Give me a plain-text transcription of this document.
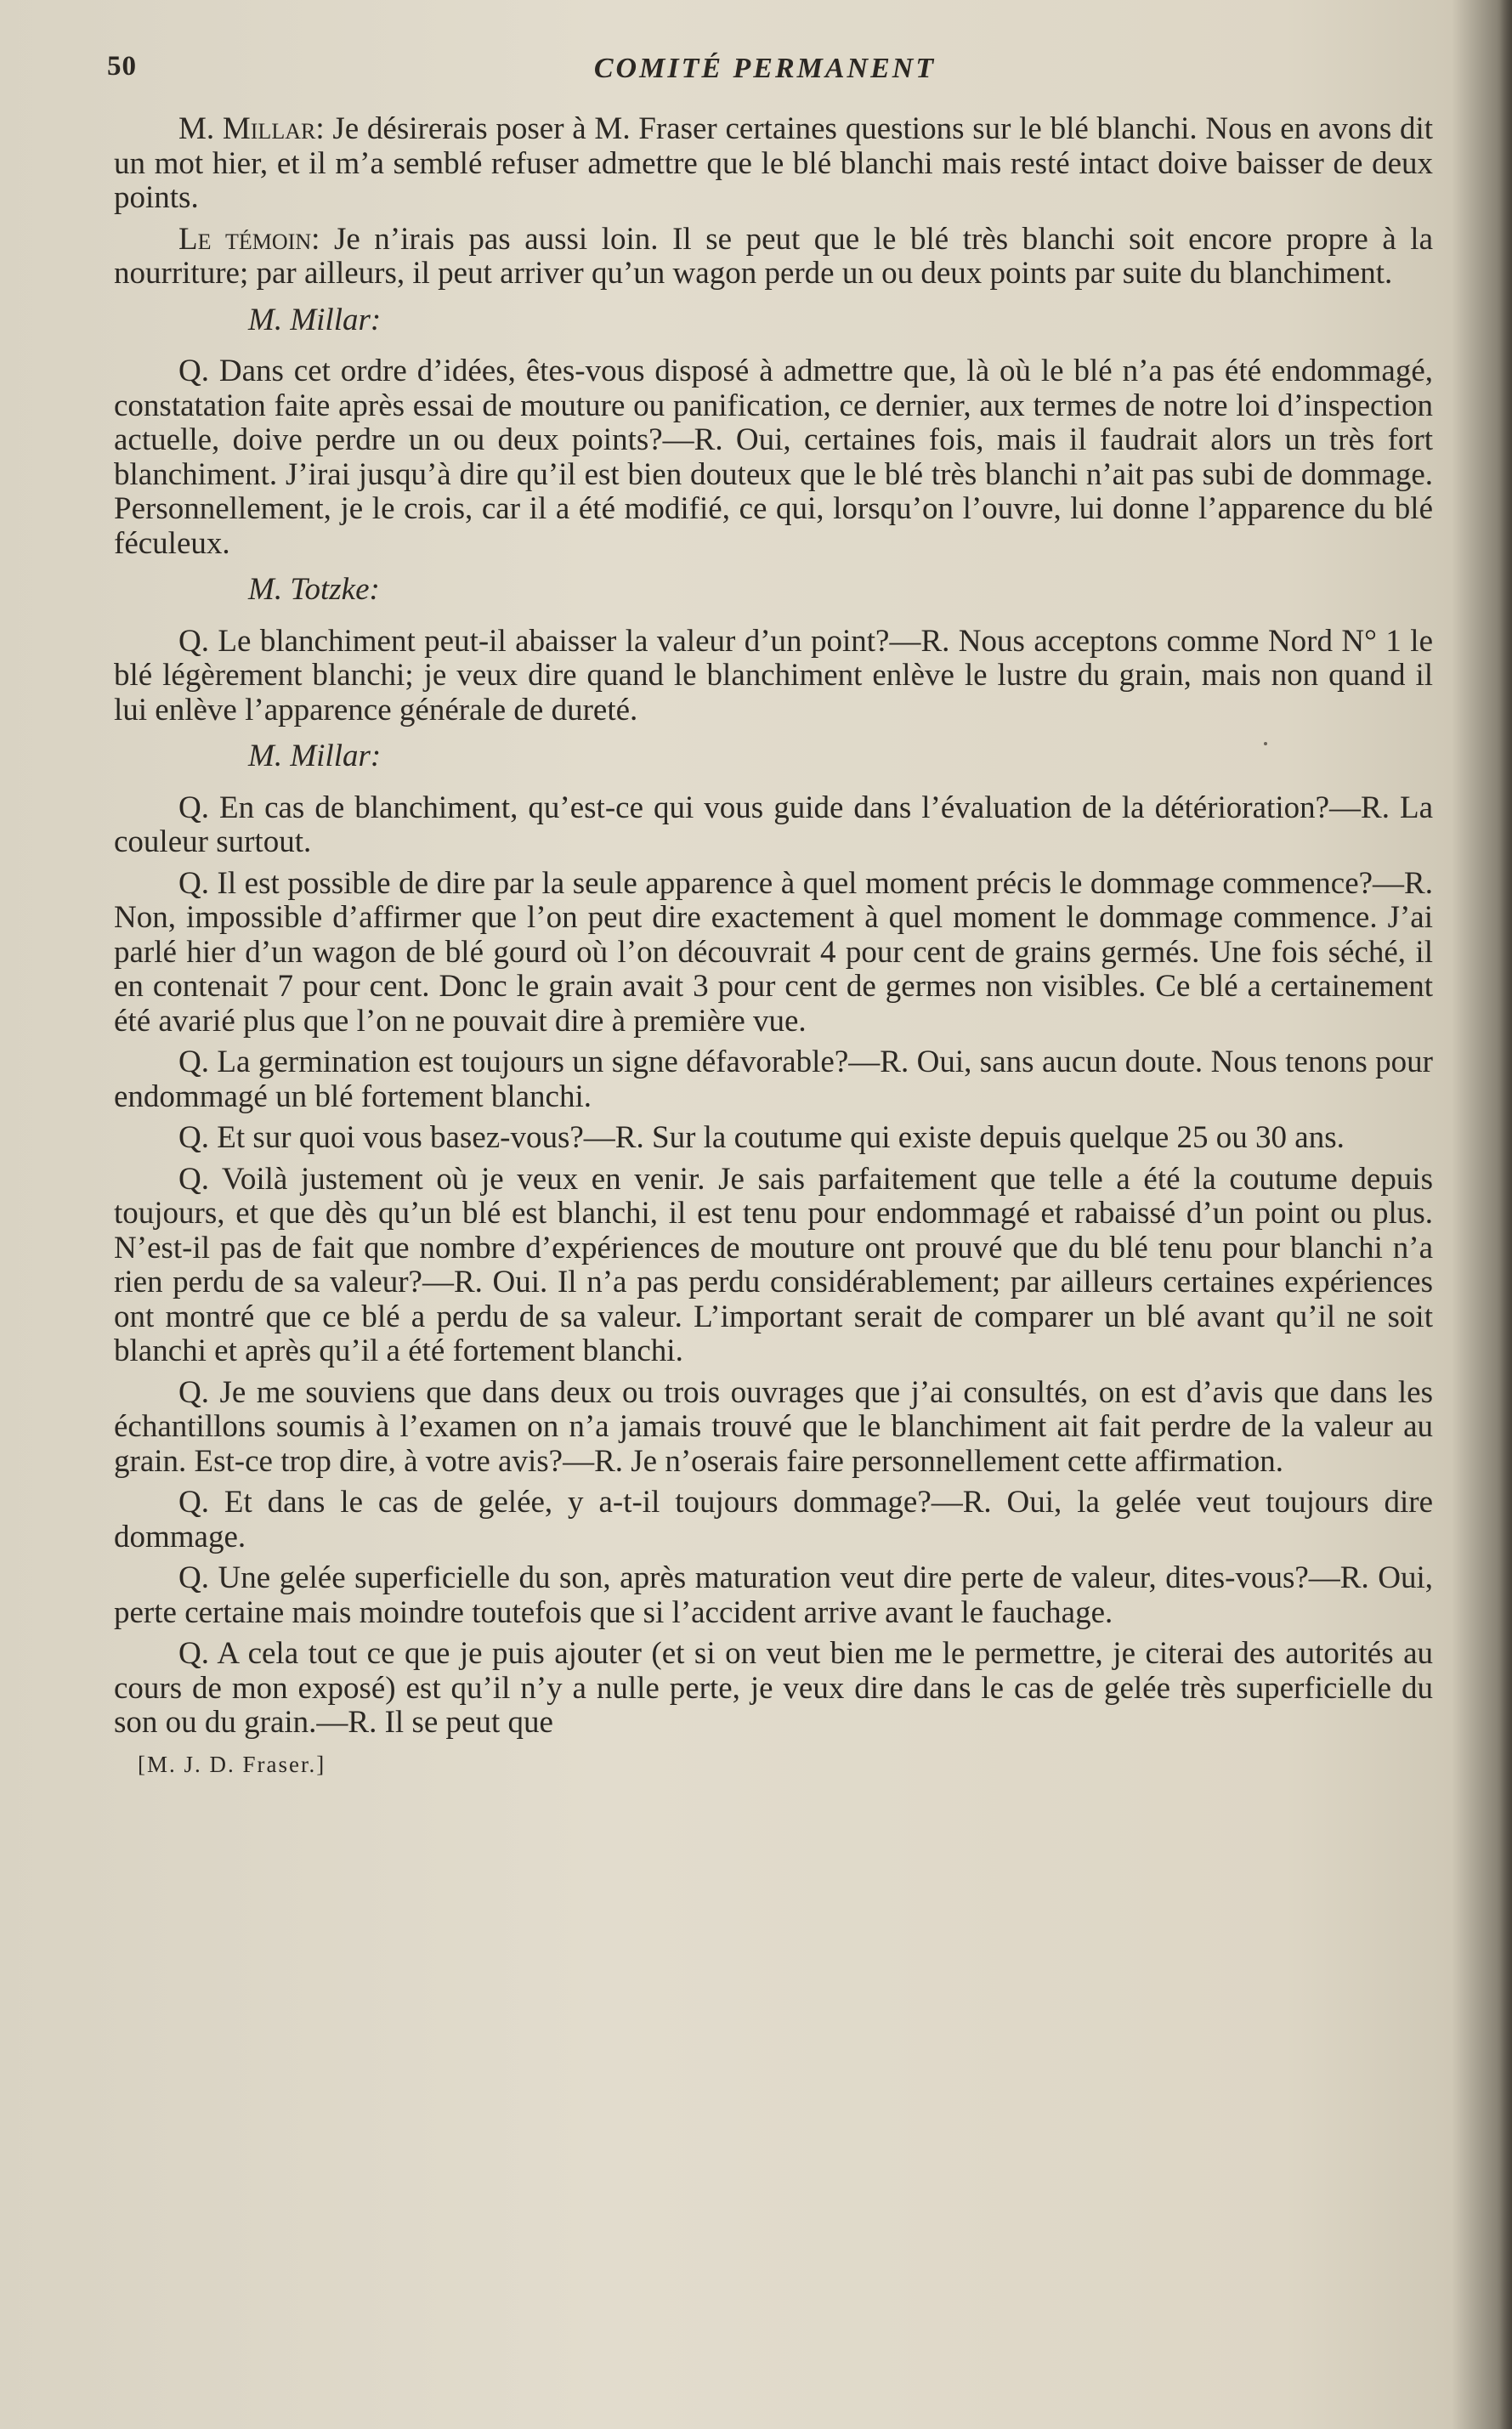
50	COMITÉ PERMANENT

M. Millar: Je désirerais poser à M. Fraser certaines questions sur le blé blanchi. Nous en avons dit un mot hier, et il m’a semblé refuser admettre que le blé blanchi mais resté intact doive baisser de deux points.

Le témoin: Je n’irais pas aussi loin. Il se peut que le blé très blanchi soit encore propre à la nourriture; par ailleurs, il peut arriver qu’un wagon perde un ou deux points par suite du blanchiment.

M. Millar:

Q. Dans cet ordre d’idées, êtes-vous disposé à admettre que, là où le blé n’a pas été endommagé, constatation faite après essai de mouture ou panification, ce dernier, aux termes de notre loi d’inspection actuelle, doive perdre un ou deux points?—R. Oui, certaines fois, mais il faudrait alors un très fort blanchiment. J’irai jusqu’à dire qu’il est bien douteux que le blé très blanchi n’ait pas subi de dommage. Personnellement, je le crois, car il a été modifié, ce qui, lorsqu’on l’ouvre, lui donne l’apparence du blé féculeux.

M. Totzke:

Q. Le blanchiment peut-il abaisser la valeur d’un point?—R. Nous acceptons comme Nord N° 1 le blé légèrement blanchi; je veux dire quand le blanchiment enlève le lustre du grain, mais non quand il lui enlève l’apparence générale de dureté.

M. Millar:

Q. En cas de blanchiment, qu’est-ce qui vous guide dans l’évaluation de la détérioration?—R. La couleur surtout.

Q. Il est possible de dire par la seule apparence à quel moment précis le dommage commence?—R. Non, impossible d’affirmer que l’on peut dire exactement à quel moment le dommage commence. J’ai parlé hier d’un wagon de blé gourd où l’on découvrait 4 pour cent de grains germés. Une fois séché, il en contenait 7 pour cent. Donc le grain avait 3 pour cent de germes non visibles. Ce blé a certainement été avarié plus que l’on ne pouvait dire à première vue.

Q. La germination est toujours un signe défavorable?—R. Oui, sans aucun doute. Nous tenons pour endommagé un blé fortement blanchi.

Q. Et sur quoi vous basez-vous?—R. Sur la coutume qui existe depuis quelque 25 ou 30 ans.

Q. Voilà justement où je veux en venir. Je sais parfaitement que telle a été la coutume depuis toujours, et que dès qu’un blé est blanchi, il est tenu pour endommagé et rabaissé d’un point ou plus. N’est-il pas de fait que nombre d’expériences de mouture ont prouvé que du blé tenu pour blanchi n’a rien perdu de sa valeur?—R. Oui. Il n’a pas perdu considérablement; par ailleurs certaines expériences ont montré que ce blé a perdu de sa valeur. L’important serait de comparer un blé avant qu’il ne soit blanchi et après qu’il a été fortement blanchi.

Q. Je me souviens que dans deux ou trois ouvrages que j’ai consultés, on est d’avis que dans les échantillons soumis à l’examen on n’a jamais trouvé que le blanchiment ait fait perdre de la valeur au grain. Est-ce trop dire, à votre avis?—R. Je n’oserais faire personnellement cette affirmation.

Q. Et dans le cas de gelée, y a-t-il toujours dommage?—R. Oui, la gelée veut toujours dire dommage.

Q. Une gelée superficielle du son, après maturation veut dire perte de valeur, dites-vous?—R. Oui, perte certaine mais moindre toutefois que si l’accident arrive avant le fauchage.

Q. A cela tout ce que je puis ajouter (et si on veut bien me le permettre, je citerai des autorités au cours de mon exposé) est qu’il n’y a nulle perte, je veux dire dans le cas de gelée très superficielle du son ou du grain.—R. Il se peut que

[M. J. D. Fraser.]
